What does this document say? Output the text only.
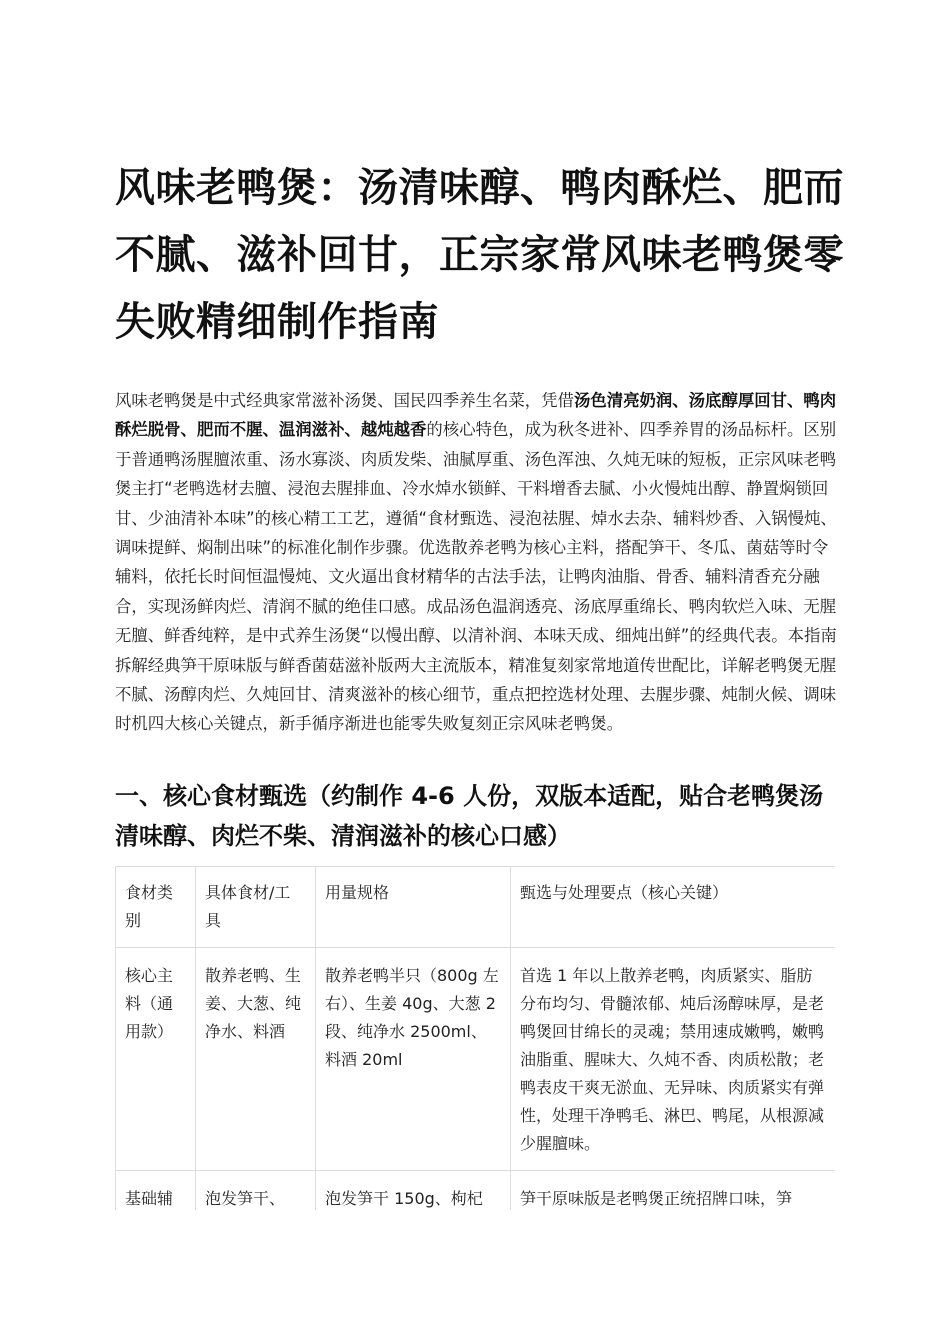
风味老鸭煲：汤清味醇、鸭肉酥烂、肥而不腻、滋补回甘，正宗家常风味老鸭煲零失败精细制作指南

风味老鸭煲是中式经典家常滋补汤煲、国民四季养生名菜，凭借汤色清亮奶润、汤底醇厚回甘、鸭肉酥烂脱骨、肥而不腥、温润滋补、越炖越香的核心特色，成为秋冬进补、四季养胃的汤品标杆。区别于普通鸭汤腥膻浓重、汤水寡淡、肉质发柴、油腻厚重、汤色浑浊、久炖无味的短板，正宗风味老鸭煲主打“老鸭选材去膻、浸泡去腥排血、冷水焯水锁鲜、干料增香去腻、小火慢炖出醇、静置焖锁回甘、少油清补本味”的核心精工工艺，遵循“食材甄选、浸泡祛腥、焯水去杂、辅料炒香、入锅慢炖、调味提鲜、焖制出味”的标准化制作步骤。优选散养老鸭为核心主料，搭配笋干、冬瓜、菌菇等时令辅料，依托长时间恒温慢炖、文火逼出食材精华的古法手法，让鸭肉油脂、骨香、辅料清香充分融合，实现汤鲜肉烂、清润不腻的绝佳口感。成品汤色温润透亮、汤底厚重绵长、鸭肉软烂入味、无腥无膻、鲜香纯粹，是中式养生汤煲“以慢出醇、以清补润、本味天成、细炖出鲜”的经典代表。本指南拆解经典笋干原味版与鲜香菌菇滋补版两大主流版本，精准复刻家常地道传世配比，详解老鸭煲无腥不腻、汤醇肉烂、久炖回甘、清爽滋补的核心细节，重点把控选材处理、去腥步骤、炖制火候、调味时机四大核心关键点，新手循序渐进也能零失败复刻正宗风味老鸭煲。

一、核心食材甄选（约制作 4-6 人份，双版本适配，贴合老鸭煲汤清味醇、肉烂不柴、清润滋补的核心口感）
食材类别	具体食材/工具	用量规格	甄选与处理要点（核心关键）
核心主料（通用款）	散养老鸭、生姜、大葱、纯净水、料酒	散养老鸭半只（800g 左右）、生姜 40g、大葱 2 段、纯净水 2500ml、料酒 20ml	首选 1 年以上散养老鸭，肉质紧实、脂肪分布均匀、骨髓浓郁、炖后汤醇味厚，是老鸭煲回甘绵长的灵魂；禁用速成嫩鸭，嫩鸭油脂重、腥味大、久炖不香、肉质松散；老鸭表皮干爽无淤血、无异味、肉质紧实有弹性，处理干净鸭毛、淋巴、鸭尾，从根源减少腥膻味。
基础辅	泡发笋干、	泡发笋干 150g、枸杞	笋干原味版是老鸭煲正统招牌口味，笋
